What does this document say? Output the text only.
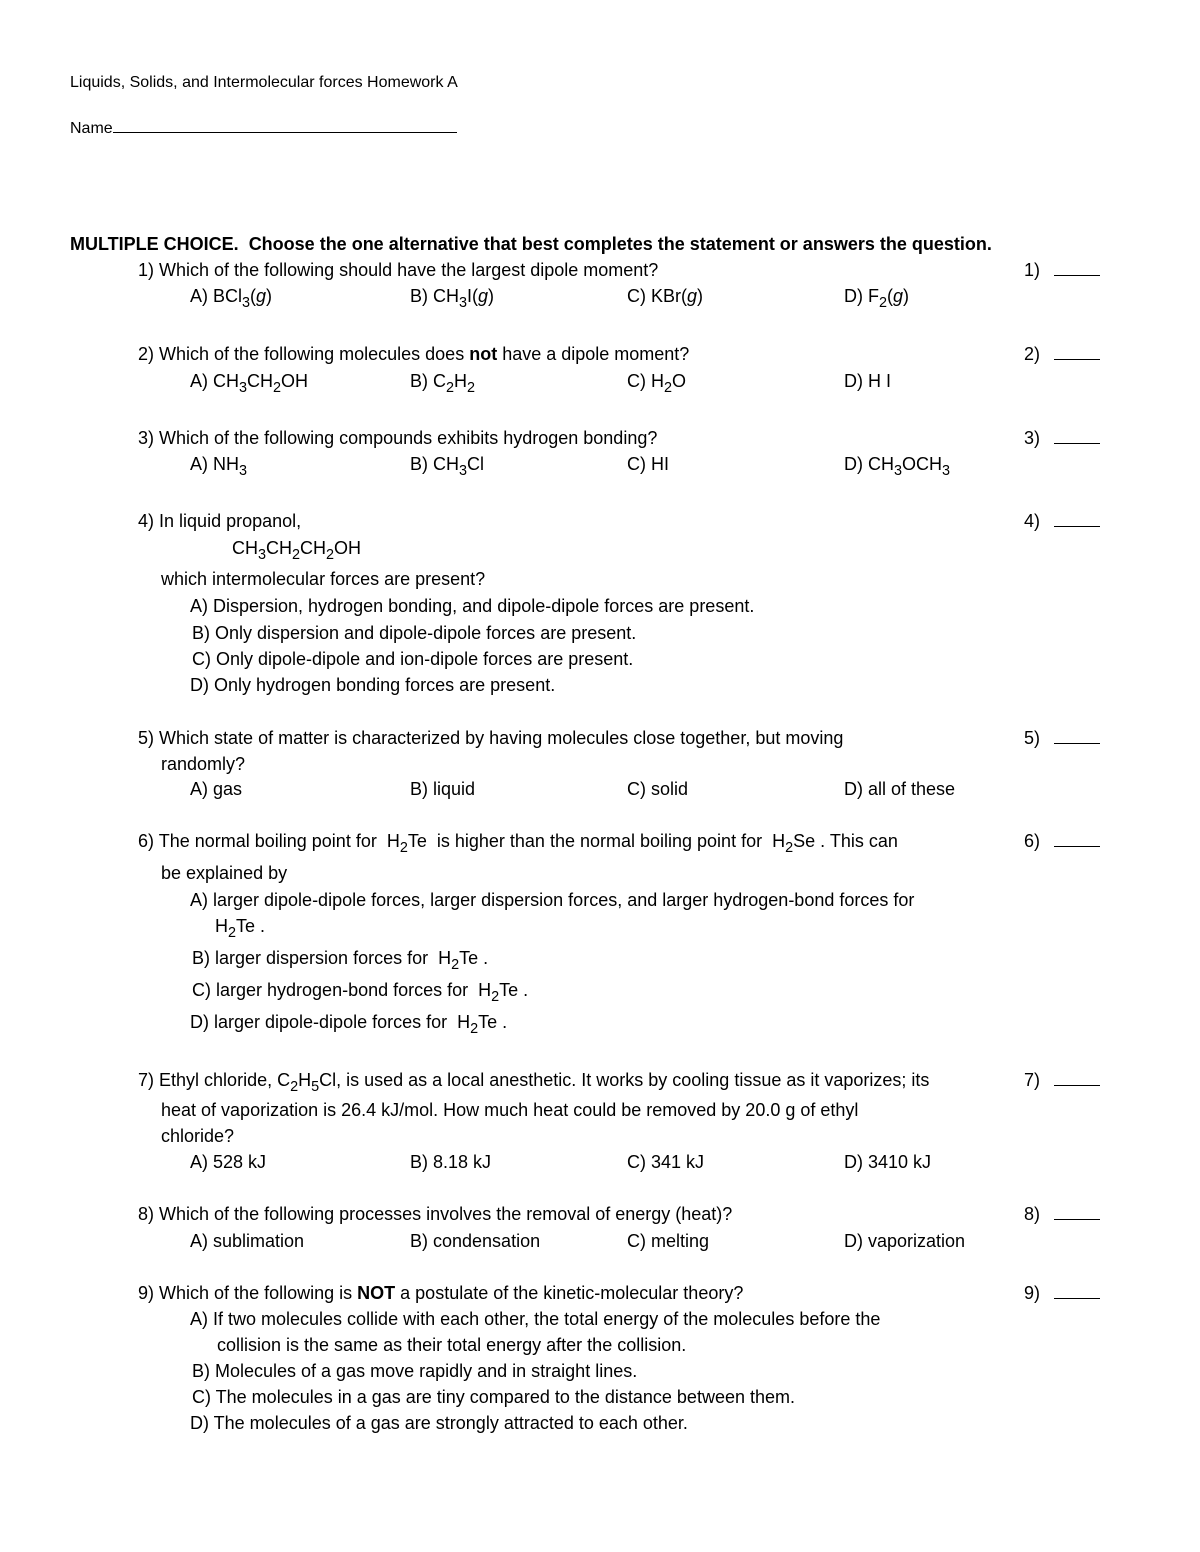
Liquids, Solids, and Intermolecular forces Homework A
Name
MULTIPLE CHOICE. Choose the one alternative that best completes the statement or answers the question.
1) Which of the following should have the largest dipole moment?	1)
A) BCl$_3$(g)	B) $CH_3I(g)$	C) KBr(g)	D) $F_2(g)$
2) Which of the following molecules does not have a dipole moment?	2)
A) $CH_3CH_2OH$	B) $C_2H_2$	C) $H_2O$	D) H I
3) Which of the following compounds exhibits hydrogen bonding?	3)
A) $NH_3$	B) $CH_3Cl$	C) HI	D) $CH_3OCH_3$
4) In liquid propanol,	4)
$CH_3CH_2CH_2OH$
which intermolecular forces are present?
A) Dispersion, hydrogen bonding, and dipole-dipole forces are present.
B) Only dispersion and dipole-dipole forces are present.
C) Only dipole-dipole and ion-dipole forces are present.
D) Only hydrogen bonding forces are present.
5) Which state of matter is characterized by having molecules close together, but moving	5)
randomly?
A) gas	B) liquid	C) solid	D) all of these
6) The normal boiling point for  $H_2Te$  is higher than the normal boiling point for  $H_2Se$ . This can	6)
be explained by
A) larger dipole-dipole forces, larger dispersion forces, and larger hydrogen-bond forces for
$H_2Te$ .
B) larger dispersion forces for  $H_2Te$ .
C) larger hydrogen-bond forces for  $H_2Te$ .
D) larger dipole-dipole forces for  $H_2Te$ .
7) Ethyl chloride, $C_2H_5Cl$, is used as a local anesthetic. It works by cooling tissue as it vaporizes; its	7)
heat of vaporization is 26.4 kJ/mol. How much heat could be removed by 20.0 g of ethyl
chloride?
A) 528 kJ	B) 8.18 kJ	C) 341 kJ	D) 3410 kJ
8) Which of the following processes involves the removal of energy (heat)?	8)
A) sublimation	B) condensation	C) melting	D) vaporization
9) Which of the following is NOT a postulate of the kinetic-molecular theory?	9)
A) If two molecules collide with each other, the total energy of the molecules before the
collision is the same as their total energy after the collision.
B) Molecules of a gas move rapidly and in straight lines.
C) The molecules in a gas are tiny compared to the distance between them.
D) The molecules of a gas are strongly attracted to each other.
